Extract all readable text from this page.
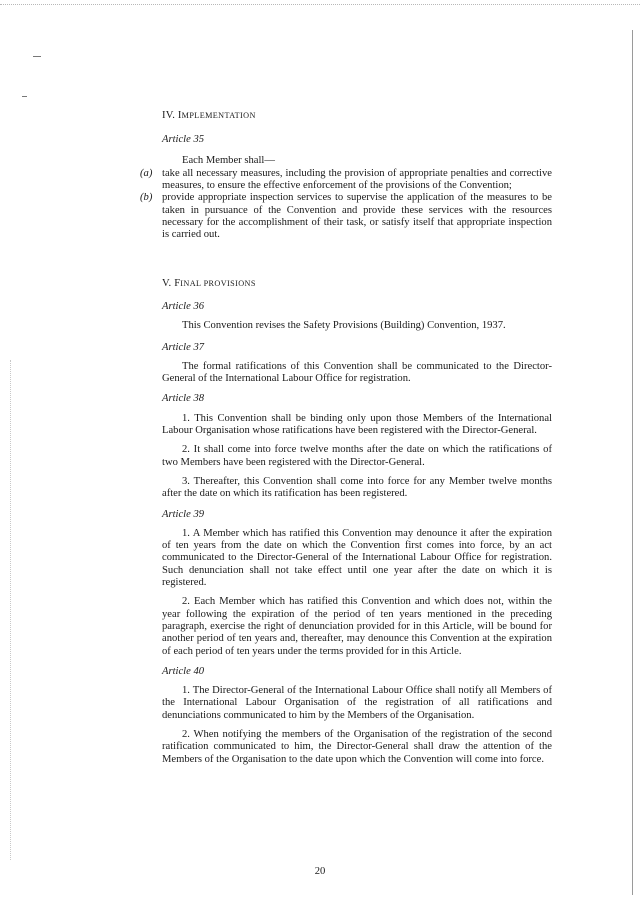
IV. IMPLEMENTATION

Article 35

Each Member shall—

(a) take all necessary measures, including the provision of appropriate penalties and corrective measures, to ensure the effective enforcement of the provisions of the Convention;

(b) provide appropriate inspection services to supervise the application of the measures to be taken in pursuance of the Convention and provide these services with the resources necessary for the accomplishment of their task, or satisfy itself that appropriate inspection is carried out.

V. FINAL PROVISIONS

Article 36

This Convention revises the Safety Provisions (Building) Convention, 1937.

Article 37

The formal ratifications of this Convention shall be communicated to the Director-General of the International Labour Office for registration.

Article 38

1. This Convention shall be binding only upon those Members of the International Labour Organisation whose ratifications have been registered with the Director-General.

2. It shall come into force twelve months after the date on which the ratifications of two Members have been registered with the Director-General.

3. Thereafter, this Convention shall come into force for any Member twelve months after the date on which its ratification has been registered.

Article 39

1. A Member which has ratified this Convention may denounce it after the expiration of ten years from the date on which the Convention first comes into force, by an act communicated to the Director-General of the International Labour Office for registration. Such denunciation shall not take effect until one year after the date on which it is registered.

2. Each Member which has ratified this Convention and which does not, within the year following the expiration of the period of ten years mentioned in the preceding paragraph, exercise the right of denunciation provided for in this Article, will be bound for another period of ten years and, thereafter, may denounce this Convention at the expiration of each period of ten years under the terms provided for in this Article.

Article 40

1. The Director-General of the International Labour Office shall notify all Members of the International Labour Organisation of the registration of all ratifications and denunciations communicated to him by the Members of the Organisation.

2. When notifying the members of the Organisation of the registration of the second ratification communicated to him, the Director-General shall draw the attention of the Members of the Organisation to the date upon which the Convention will come into force.

20
